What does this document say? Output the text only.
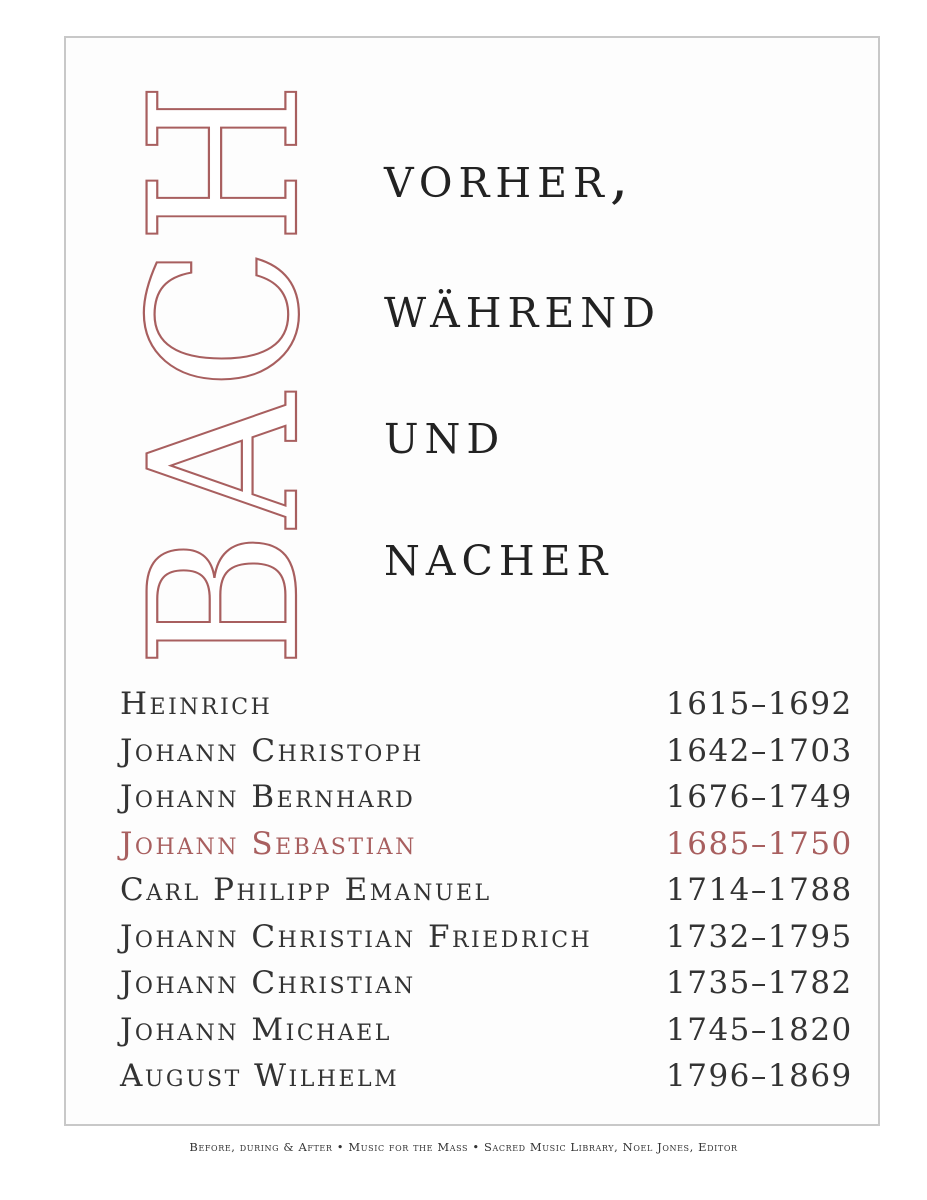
BACH vorher,
während
und
nacher
Heinrich	1615–1692
Johann Christoph	1642–1703
Johann Bernhard	1676–1749
Johann Sebastian	1685–1750
Carl Philipp Emanuel	1714–1788
Johann Christian Friedrich 1732–1795
Johann Christian	1735–1782
Johann Michael	1745–1820
August Wilhelm	1796–1869
Before, during & After • Music for the Mass • Sacred Music Library, Noel Jones, Editor
